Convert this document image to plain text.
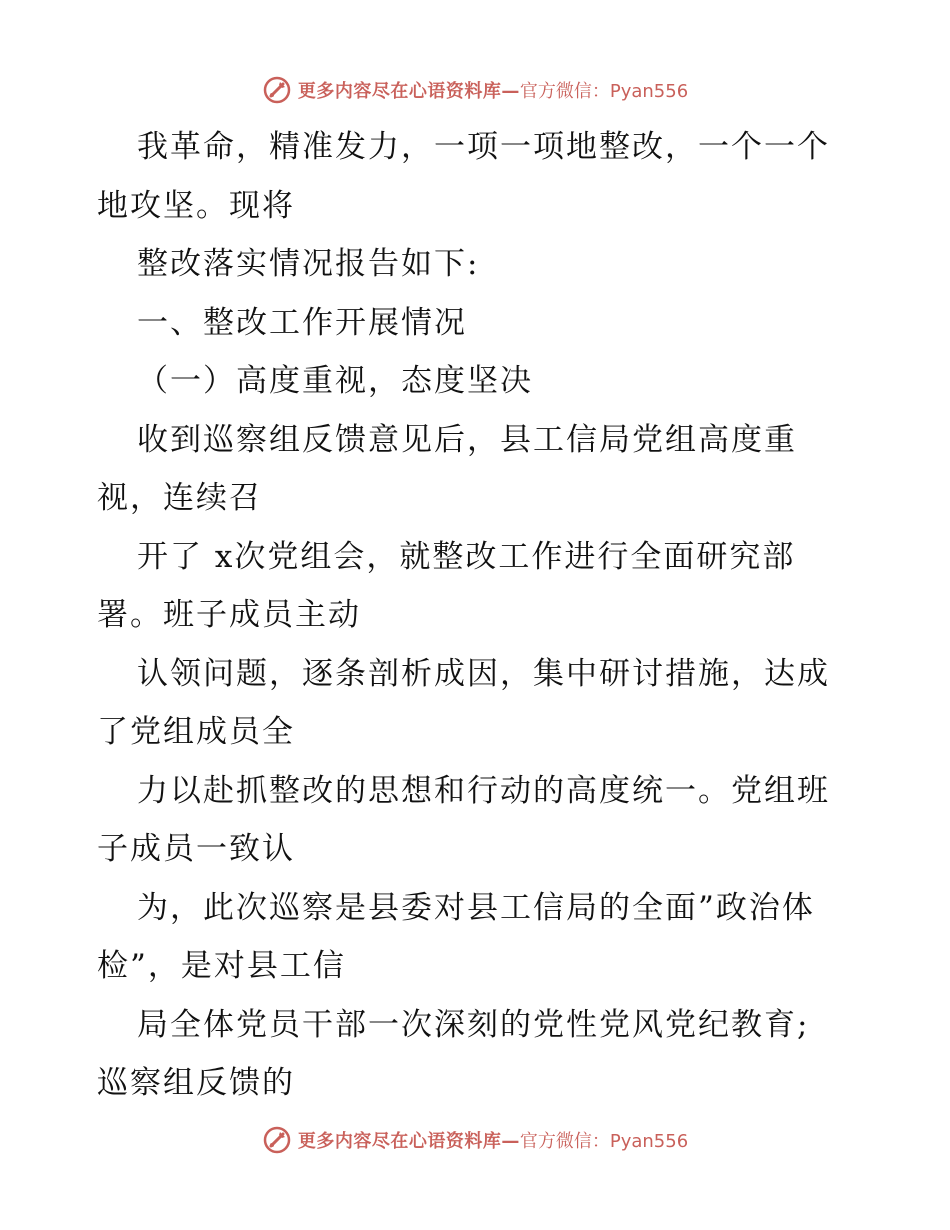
更多内容尽在心语资料库— 官方微信：Pyan556
我革命，精准发力，一项一项地整改，一个一个
地攻坚。现将
整改落实情况报告如下:
一、整改工作开展情况
（一）高度重视，态度坚决
收到巡察组反馈意见后，县工信局党组高度重
视，连续召
开了 x次党组会，就整改工作进行全面研究部
署。班子成员主动
认领问题，逐条剖析成因，集中研讨措施，达成
了党组成员全
力以赴抓整改的思想和行动的高度统一。党组班
子成员一致认
为，此次巡察是县委对县工信局的全面”政治体
检”，是对县工信
局全体党员干部一次深刻的党性党风党纪教育;
巡察组反馈的
更多内容尽在心语资料库— 官方微信：Pyan556
